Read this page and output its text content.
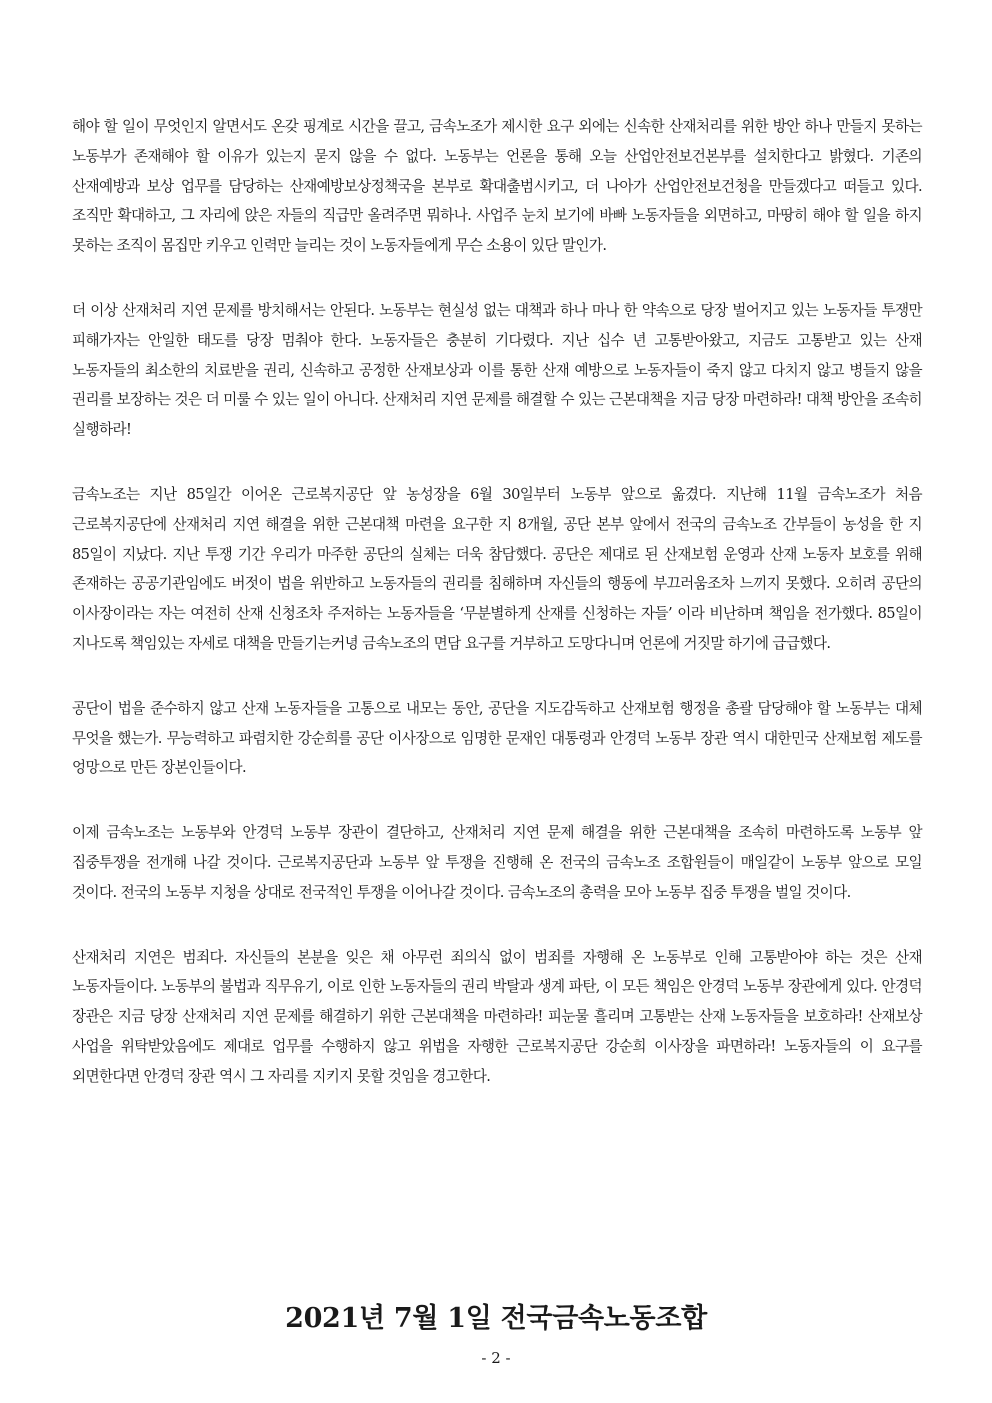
해야 할 일이 무엇인지 알면서도 온갖 핑계로 시간을 끌고, 금속노조가 제시한 요구 외에는 신속한 산재처리를 위한 방안 하나 만들지 못하는 노동부가 존재해야 할 이유가 있는지 묻지 않을 수 없다. 노동부는 언론을 통해 오늘 산업안전보건본부를 설치한다고 밝혔다. 기존의 산재예방과 보상 업무를 담당하는 산재예방보상정책국을 본부로 확대출범시키고, 더 나아가 산업안전보건청을 만들겠다고 떠들고 있다. 조직만 확대하고, 그 자리에 앉은 자들의 직급만 올려주면 뭐하나. 사업주 눈치 보기에 바빠 노동자들을 외면하고, 마땅히 해야 할 일을 하지 못하는 조직이 몸집만 키우고 인력만 늘리는 것이 노동자들에게 무슨 소용이 있단 말인가.

더 이상 산재처리 지연 문제를 방치해서는 안된다. 노동부는 현실성 없는 대책과 하나 마나 한 약속으로 당장 벌어지고 있는 노동자들 투쟁만 피해가자는 안일한 태도를 당장 멈춰야 한다. 노동자들은 충분히 기다렸다. 지난 십수 년 고통받아왔고, 지금도 고통받고 있는 산재 노동자들의 최소한의 치료받을 권리, 신속하고 공정한 산재보상과 이를 통한 산재 예방으로 노동자들이 죽지 않고 다치지 않고 병들지 않을 권리를 보장하는 것은 더 미룰 수 있는 일이 아니다. 산재처리 지연 문제를 해결할 수 있는 근본대책을 지금 당장 마련하라! 대책 방안을 조속히 실행하라!

금속노조는 지난 85일간 이어온 근로복지공단 앞 농성장을 6월 30일부터 노동부 앞으로 옮겼다. 지난해 11월 금속노조가 처음 근로복지공단에 산재처리 지연 해결을 위한 근본대책 마련을 요구한 지 8개월, 공단 본부 앞에서 전국의 금속노조 간부들이 농성을 한 지 85일이 지났다. 지난 투쟁 기간 우리가 마주한 공단의 실체는 더욱 참담했다. 공단은 제대로 된 산재보험 운영과 산재 노동자 보호를 위해 존재하는 공공기관임에도 버젓이 법을 위반하고 노동자들의 권리를 침해하며 자신들의 행동에 부끄러움조차 느끼지 못했다. 오히려 공단의 이사장이라는 자는 여전히 산재 신청조차 주저하는 노동자들을 ‘무분별하게 산재를 신청하는 자들’ 이라 비난하며 책임을 전가했다. 85일이 지나도록 책임있는 자세로 대책을 만들기는커녕 금속노조의 면담 요구를 거부하고 도망다니며 언론에 거짓말 하기에 급급했다.

공단이 법을 준수하지 않고 산재 노동자들을 고통으로 내모는 동안, 공단을 지도감독하고 산재보험 행정을 총괄 담당해야 할 노동부는 대체 무엇을 했는가. 무능력하고 파렴치한 강순희를 공단 이사장으로 임명한 문재인 대통령과 안경덕 노동부 장관 역시 대한민국 산재보험 제도를 엉망으로 만든 장본인들이다.

이제 금속노조는 노동부와 안경덕 노동부 장관이 결단하고, 산재처리 지연 문제 해결을 위한 근본대책을 조속히 마련하도록 노동부 앞 집중투쟁을 전개해 나갈 것이다. 근로복지공단과 노동부 앞 투쟁을 진행해 온 전국의 금속노조 조합원들이 매일같이 노동부 앞으로 모일 것이다. 전국의 노동부 지청을 상대로 전국적인 투쟁을 이어나갈 것이다. 금속노조의 총력을 모아 노동부 집중 투쟁을 벌일 것이다.

산재처리 지연은 범죄다. 자신들의 본분을 잊은 채 아무런 죄의식 없이 범죄를 자행해 온 노동부로 인해 고통받아야 하는 것은 산재 노동자들이다. 노동부의 불법과 직무유기, 이로 인한 노동자들의 권리 박탈과 생계 파탄, 이 모든 책임은 안경덕 노동부 장관에게 있다. 안경덕 장관은 지금 당장 산재처리 지연 문제를 해결하기 위한 근본대책을 마련하라! 피눈물 흘리며 고통받는 산재 노동자들을 보호하라! 산재보상 사업을 위탁받았음에도 제대로 업무를 수행하지 않고 위법을 자행한 근로복지공단 강순희 이사장을 파면하라! 노동자들의 이 요구를 외면한다면 안경덕 장관 역시 그 자리를 지키지 못할 것임을 경고한다.

2021년 7월 1일 전국금속노동조합
- 2 -
